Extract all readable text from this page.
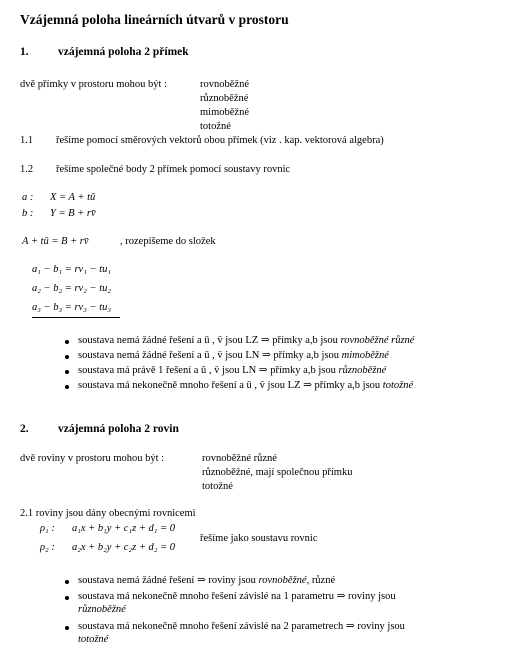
Vzájemná poloha lineárních útvarů v prostoru
1.	vzájemná poloha 2 přímek
dvě přímky v prostoru mohou být :	rovnoběžné
různoběžné
mimoběžné
totožné
1.1 řešíme pomocí směrových vektorů obou přímek (viz . kap. vektorová algebra)
1.2 řešíme společné body 2 přímek pomocí soustavy rovnic
a : X = A + tū
b : Y = B + rv̄
A + tū = B + rv̄	, rozepíšeme do složek
a₁ − b₁ = rv₁ − tu₁
a₂ − b₂ = rv₂ − tu₂
a₃ − b₃ = rv₃ − tu₃
soustava nemá žádné řešení a ū , v̄ jsou LZ ⇒ přímky a,b jsou rovnoběžné různé
soustava nemá žádné řešení a ū , v̄ jsou LN ⇒ přímky a,b jsou mimoběžné
soustava má právě 1 řešení a ū , v̄ jsou LN ⇒ přímky a,b jsou různoběžné
soustava má nekonečně mnoho řešení a ū , v̄ jsou LZ ⇒ přímky a,b jsou totožné
2.	vzájemná poloha 2 rovin
dvě roviny v prostoru mohou být :	rovnoběžné různé
různoběžné, mají společnou přímku
totožné
2.1 roviny jsou dány obecnými rovnicemi
ρ₁ : a₁x + b₁y + c₁z + d₁ = 0
ρ₂ : a₂x + b₂y + c₂z + d₂ = 0
řešíme jako soustavu rovnic
soustava nemá žádné řešení ⇒ roviny jsou rovnoběžné, různé
soustava má nekonečně mnoho řešení závislé na 1 parametru ⇒ roviny jsou
různoběžné
soustava má nekonečně mnoho řešení závislé na 2 parametrech ⇒ roviny jsou
totožné
